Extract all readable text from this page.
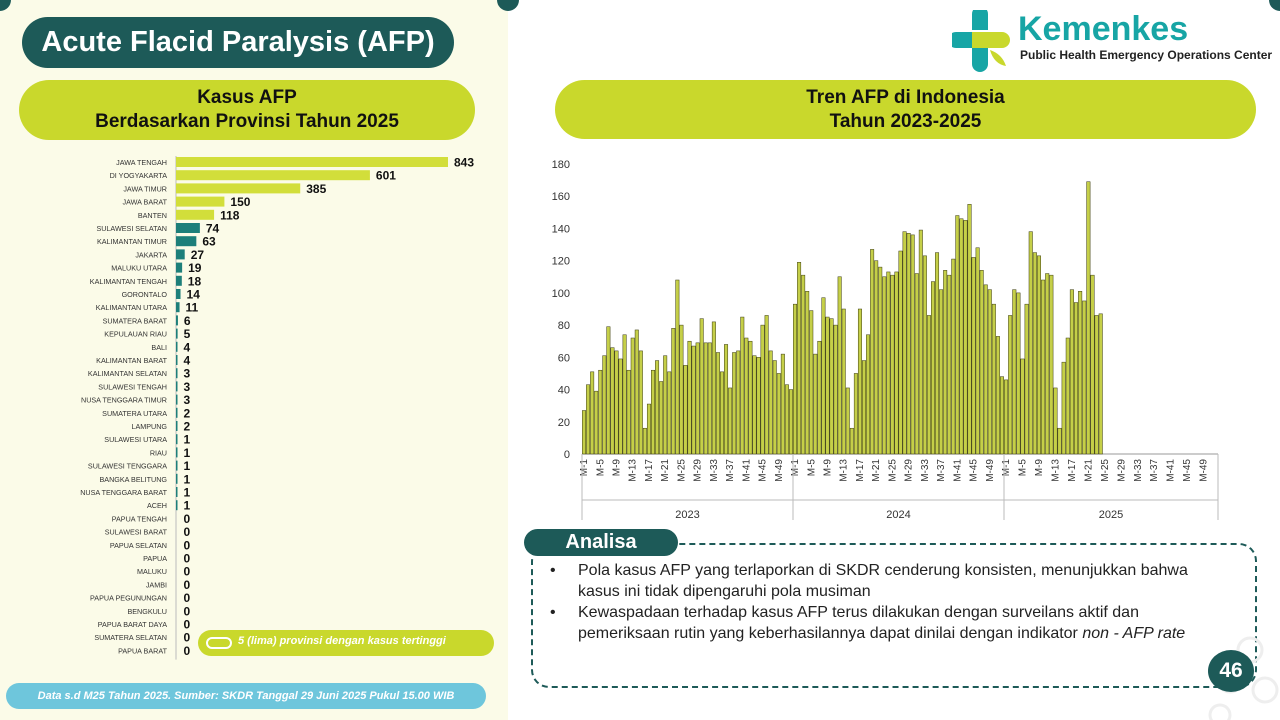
Acute Flacid Paralysis (AFP)
Kasus AFP
Berdasarkan Provinsi Tahun 2025
Tren AFP di Indonesia
Tahun 2023-2025
Kemenkes
Public Health Emergency Operations Center
JAWA TENGAH	843
DI YOGYAKARTA	601
JAWA TIMUR	385
JAWA BARAT	150
BANTEN	118
SULAWESI SELATAN	74
KALIMANTAN TIMUR	63
JAKARTA 27
MALUKU UTARA 19
KALIMANTAN TENGAH 18
GORONTALO 14
KALIMANTAN UTARA 11
SUMATERA BARAT 6
KEPULAUAN RIAU 5
BALI 4
KALIMANTAN BARAT 4
KALIMANTAN SELATAN 3
SULAWESI TENGAH 3
NUSA TENGGARA TIMUR 3
SUMATERA UTARA 2
LAMPUNG 2
SULAWESI UTARA 1
RIAU 1
SULAWESI TENGGARA 1
BANGKA BELITUNG 1
NUSA TENGGARA BARAT 1
ACEH 1
PAPUA TENGAH 0
SULAWESI BARAT 0
PAPUA SELATAN 0
PAPUA 0
MALUKU 0
JAMBI 0
PAPUA PEGUNUNGAN 0
BENGKULU 0
PAPUA BARAT DAYA 0
SUMATERA SELATAN 0
PAPUA BARAT 0
0
20
40
60
80
100
120
140
160
180
M-1 M-5 M-9 M-13 M-17 M-21 M-25 M-29 M-33 M-37 M-41 M-45 M-49
2023
M-1 M-5 M-9 M-13 M-17 M-21 M-25 M-29 M-33 M-37 M-41 M-45 M-49
2024
M-1 M-5 M-9 M-13 M-17 M-21 M-25 M-29 M-33 M-37 M-41 M-45 M-49
2025
5 (lima) provinsi dengan kasus tertinggi
Data s.d M25 Tahun 2025. Sumber: SKDR Tanggal 29 Juni 2025 Pukul 15.00 WIB
Analisa
• Pola kasus AFP yang terlaporkan di SKDR cenderung konsisten, menunjukkan bahwa kasus ini tidak dipengaruhi pola musiman
• Kewaspadaan terhadap kasus AFP terus dilakukan dengan surveilans aktif dan pemeriksaan rutin yang keberhasilannya dapat dinilai dengan indikator non - AFP rate
46
